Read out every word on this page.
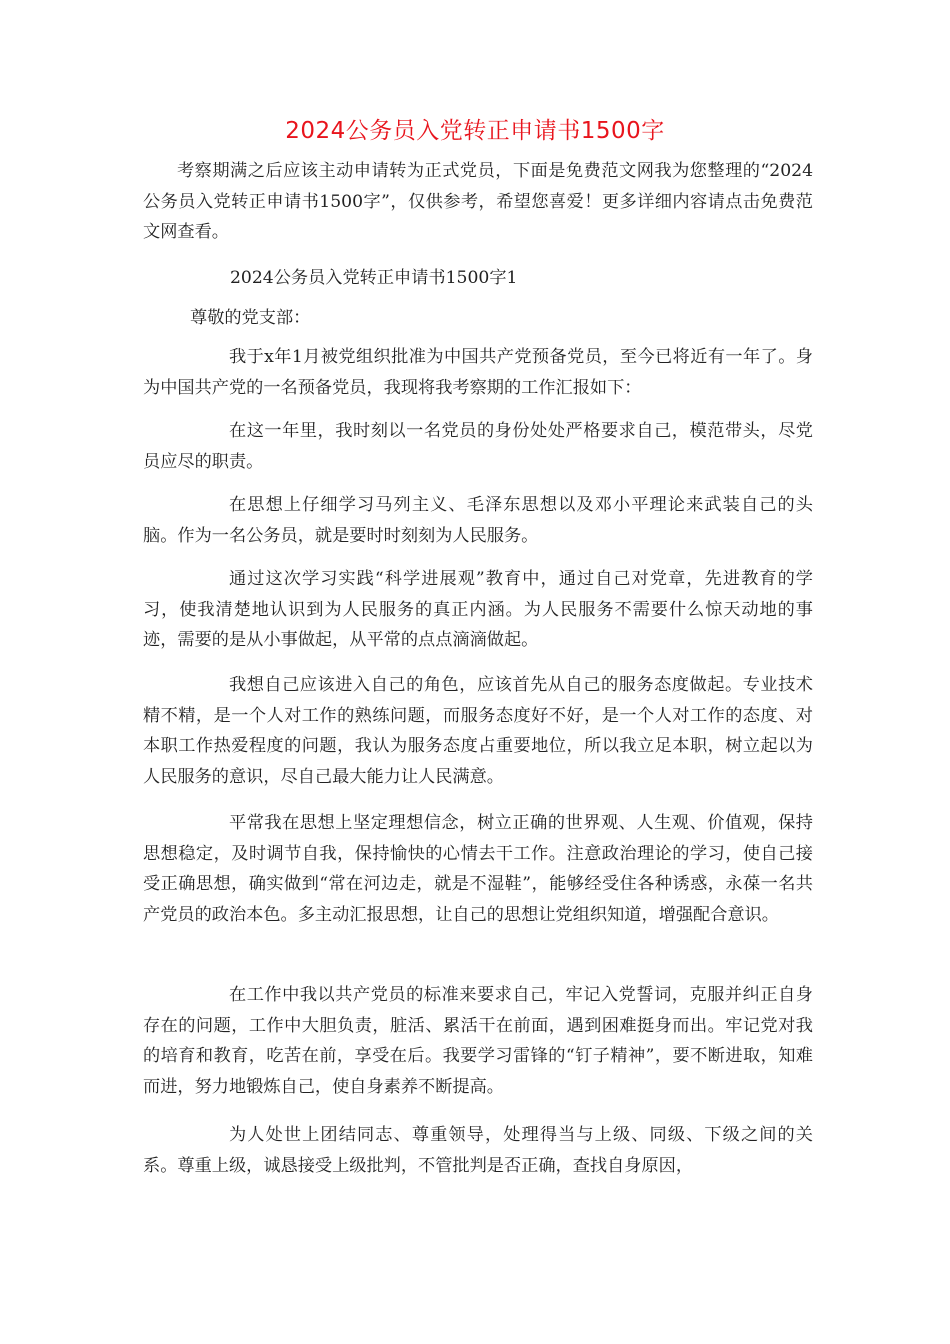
2024公务员入党转正申请书1500字

考察期满之后应该主动申请转为正式党员，下面是免费范文网我为您整理的“2024公务员入党转正申请书1500字”，仅供参考，希望您喜爱！更多详细内容请点击免费范文网查看。

2024公务员入党转正申请书1500字1

尊敬的党支部：

我于x年1月被党组织批准为中国共产党预备党员，至今已将近有一年了。身为中国共产党的一名预备党员，我现将我考察期的工作汇报如下：

在这一年里，我时刻以一名党员的身份处处严格要求自己，模范带头，尽党员应尽的职责。

在思想上仔细学习马列主义、毛泽东思想以及邓小平理论来武装自己的头脑。作为一名公务员，就是要时时刻刻为人民服务。

通过这次学习实践“科学进展观”教育中，通过自己对党章，先进教育的学习，使我清楚地认识到为人民服务的真正内涵。为人民服务不需要什么惊天动地的事迹，需要的是从小事做起，从平常的点点滴滴做起。

我想自己应该进入自己的角色，应该首先从自己的服务态度做起。专业技术精不精，是一个人对工作的熟练问题，而服务态度好不好，是一个人对工作的态度、对本职工作热爱程度的问题，我认为服务态度占重要地位，所以我立足本职，树立起以为人民服务的意识，尽自己最大能力让人民满意。

平常我在思想上坚定理想信念，树立正确的世界观、人生观、价值观，保持思想稳定，及时调节自我，保持愉快的心情去干工作。注意政治理论的学习，使自己接受正确思想，确实做到“常在河边走，就是不湿鞋”，能够经受住各种诱惑，永葆一名共产党员的政治本色。多主动汇报思想，让自己的思想让党组织知道，增强配合意识。

在工作中我以共产党员的标准来要求自己，牢记入党誓词，克服并纠正自身存在的问题，工作中大胆负责，脏活、累活干在前面，遇到困难挺身而出。牢记党对我的培育和教育，吃苦在前，享受在后。我要学习雷锋的“钉子精神”，要不断进取，知难而进，努力地锻炼自己，使自身素养不断提高。

为人处世上团结同志、尊重领导，处理得当与上级、同级、下级之间的关系。尊重上级，诚恳接受上级批判，不管批判是否正确，查找自身原因，
